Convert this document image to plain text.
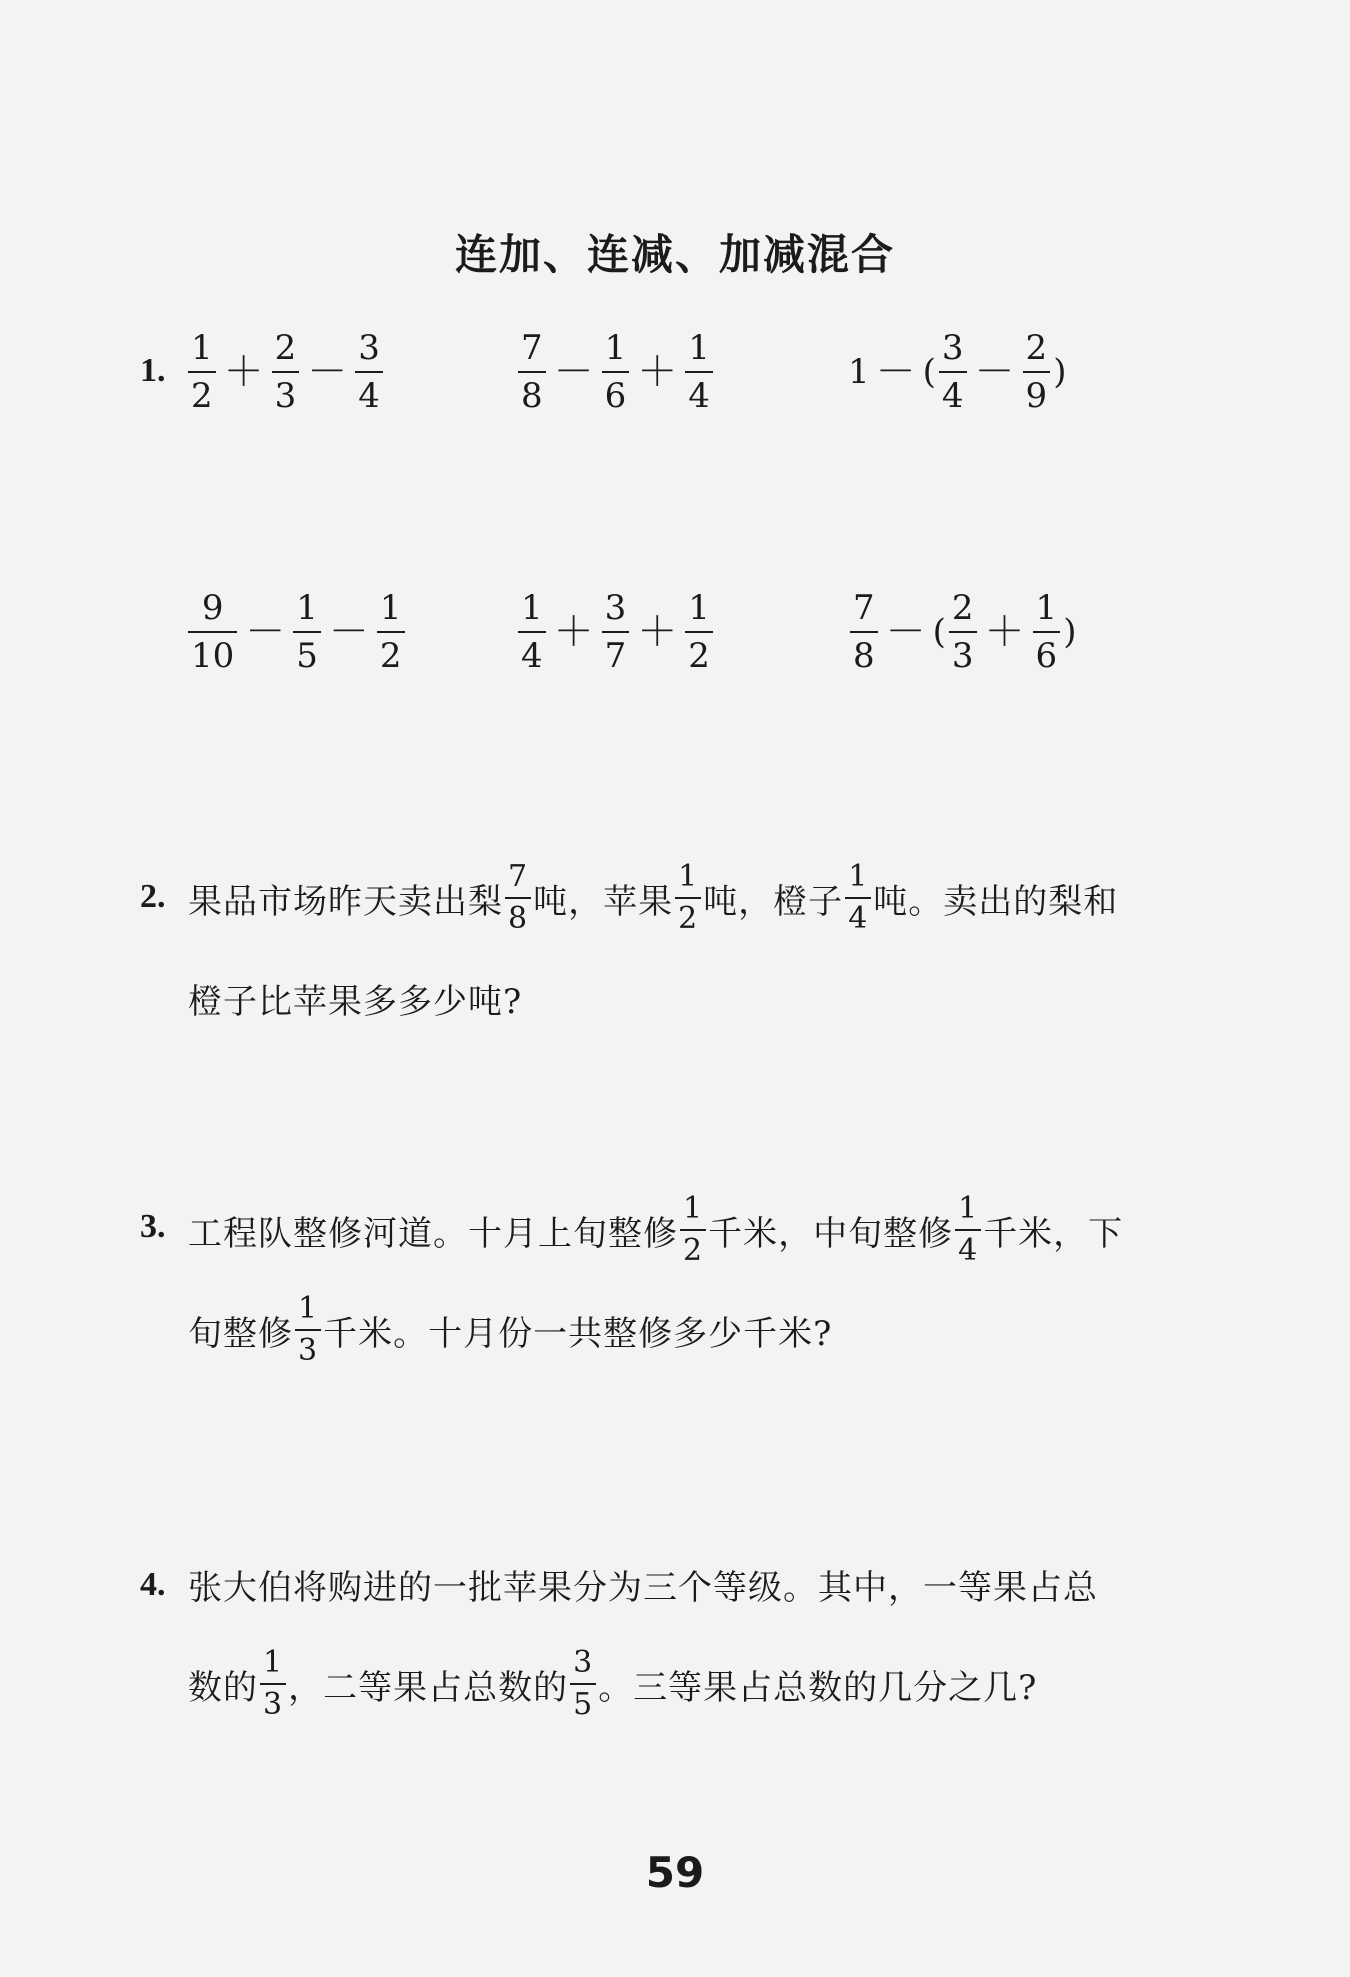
连加、连减、加减混合
1. $\frac{1}{2} + \frac{2}{3} - \frac{3}{4}$	$\frac{7}{8} - \frac{1}{6} + \frac{1}{4}$	1 － ( $\frac{3}{4} - \frac{2}{9}$ )
$\frac{9}{10} - \frac{1}{5} - \frac{1}{2}$	$\frac{1}{4} + \frac{3}{7} + \frac{1}{2}$	$\frac{7}{8}$ － ( $\frac{2}{3} + \frac{1}{6}$ )
2. 果品市场昨天卖出梨 $\frac{7}{8}$ 吨，苹果 $\frac{1}{2}$ 吨，橙子 $\frac{1}{4}$ 吨。卖出的梨和
橙子比苹果多多少吨?
3. 工程队整修河道。十月上旬整修 $\frac{1}{2}$ 千米，中旬整修 $\frac{1}{4}$ 千米，下
旬整修 $\frac{1}{3}$ 千米。十月份一共整修多少千米?
4. 张大伯将购进的一批苹果分为三个等级。其中，一等果占总
数的 $\frac{1}{3}$ ，二等果占总数的 $\frac{3}{5}$ 。三等果占总数的几分之几?
59
